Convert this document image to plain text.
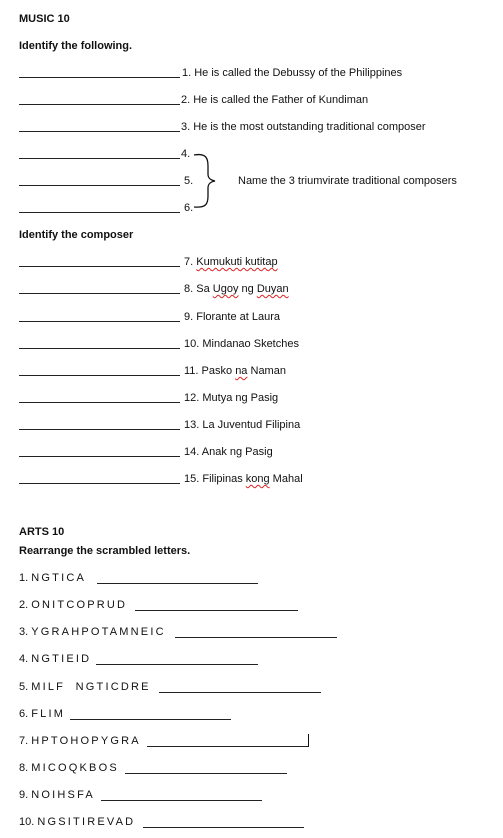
MUSIC 10
Identify the following.
1. He is called the Debussy of the Philippines
2. He is called the Father of Kundiman
3. He is the most outstanding traditional composer
4.
5.
6.
Name the 3 triumvirate traditional composers
Identify the composer
7. Kumukuti kutitap
8. Sa Ugoy ng Duyan
9. Florante at Laura
10. Mindanao Sketches
11. Pasko na Naman
12. Mutya ng Pasig
13. La Juventud Filipina
14. Anak ng Pasig
15. Filipinas kong Mahal
ARTS 10
Rearrange the scrambled letters.
1. NGTICA
2. ONITCOPRUD
3. YGRAHPOTAMNEIC
4. NGTIEID
5. MILF  NGTICDRE
6. FLIM
7. HPTOHOPYGRA
8. MICOQKBOS
9. NOIHSFA
10. NGSITIREVAD
